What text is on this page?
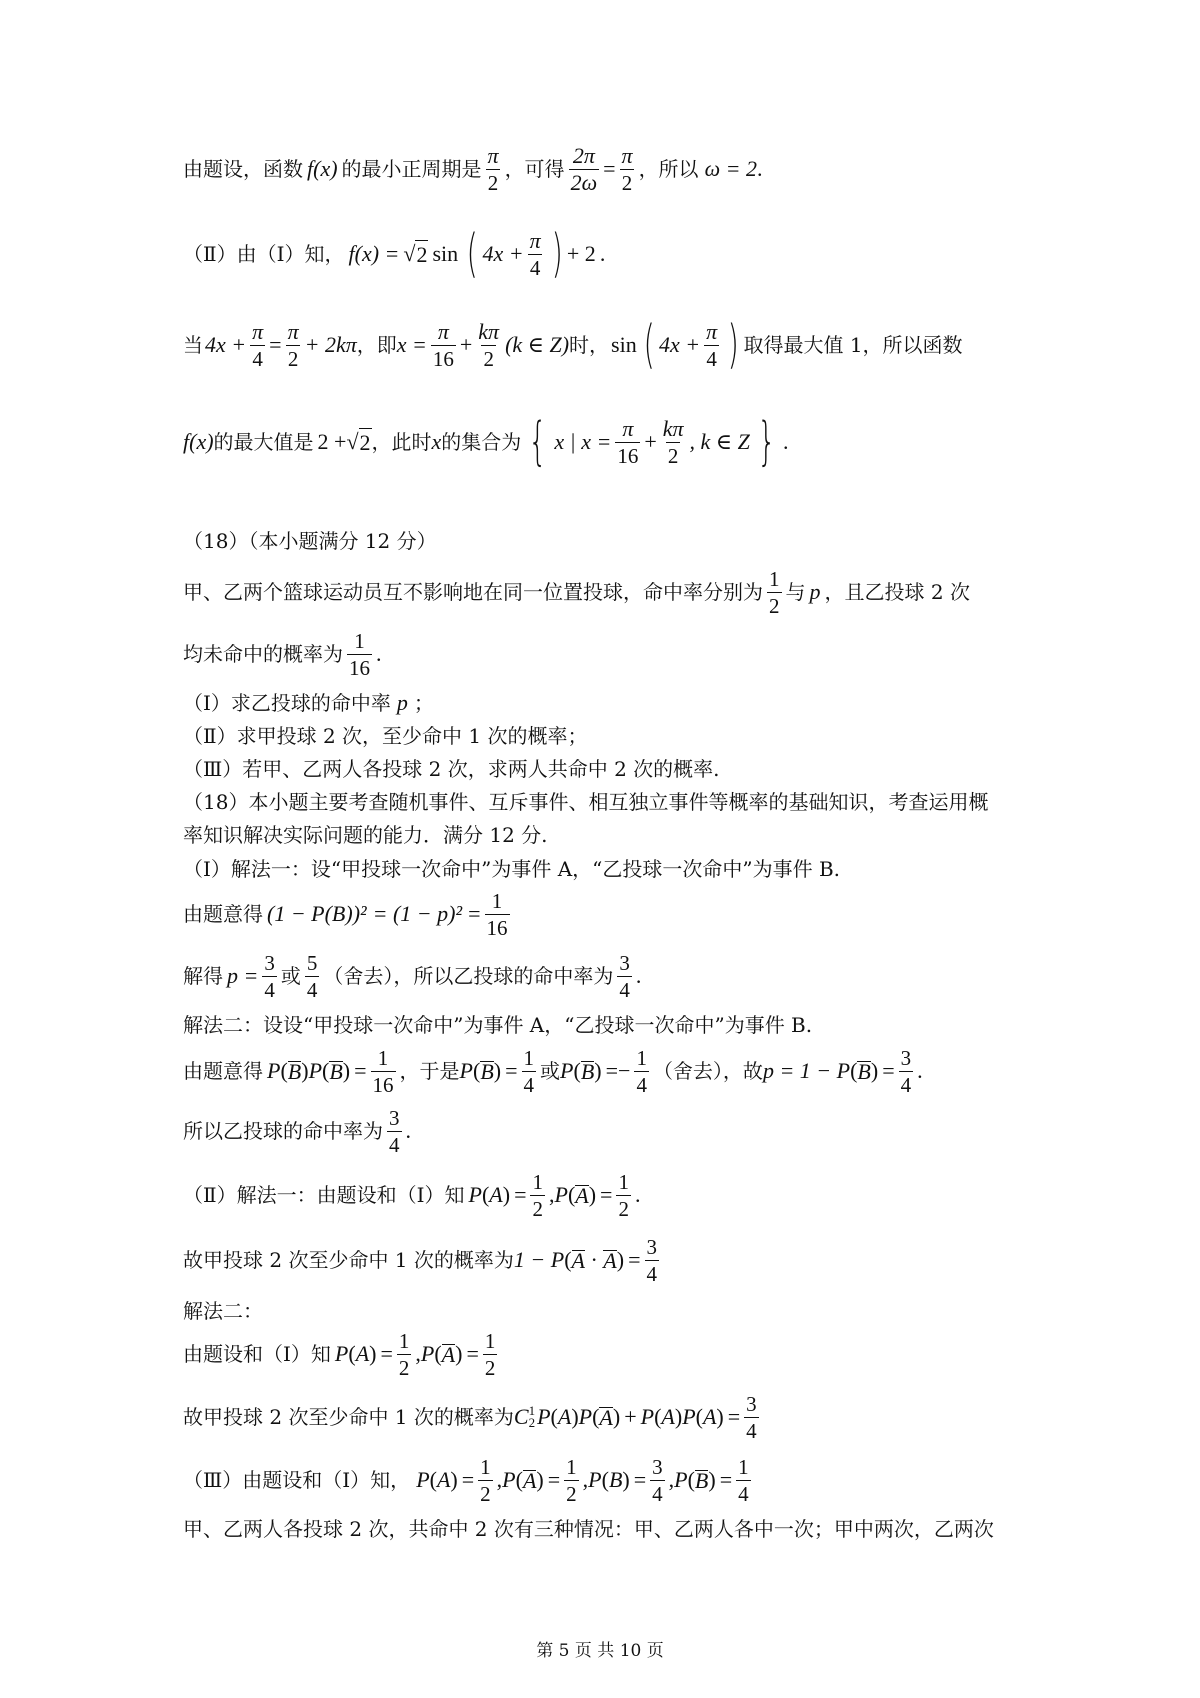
由题设，函数 f(x) 的最小正周期是 $\frac{\pi}{2}$ ，可得 $\frac{2\pi}{2\omega} = \frac{\pi}{2}$ ，所以 ω = 2 .
（Ⅱ）由（Ⅰ）知， f(x) = √ 2 sin ( $4x + \frac{\pi}{4}$ ) + 2 .
当 $4x + \frac{\pi}{4} = \frac{\pi}{2} + 2k\pi$ ，即 $x = \frac{\pi}{16} + \frac{k\pi}{2} (k$ ∈ Z) 时， sin ( $4x + \frac{\pi}{4}$ ) 取得最大值 1，所以函数
f(x) 的最大值是 2 + √ 2 ，此时 x 的集合为 { x | $x = \frac{\pi}{16} + \frac{k\pi}{2}$ , k ∈ Z } .
（18）（本小题满分 12 分）
甲、乙两个篮球运动员互不影响地在同一位置投球，命中率分别为 $\frac{1}{2}$ 与 p ，且乙投球 2 次
均未命中的概率为 $\frac{1}{16}$ .
（Ⅰ）求乙投球的命中率 p ；
（Ⅱ）求甲投球 2 次，至少命中 1 次的概率；
（Ⅲ）若甲、乙两人各投球 2 次，求两人共命中 2 次的概率.
（18）本小题主要考查随机事件、互斥事件、相互独立事件等概率的基础知识，考查运用概
率知识解决实际问题的能力．满分 12 分.
（Ⅰ）解法一：设“甲投球一次命中”为事件 A，“乙投球一次命中”为事件 B.
由题意得 $(1 - P(B))^2 = (1 - p)^2 = \frac{1}{16}$
解得 $p = \frac{3}{4}$ 或 $\frac{5}{4}$ （舍去），所以乙投球的命中率为 $\frac{3}{4}$ .
解法二：设设“甲投球一次命中”为事件 A，“乙投球一次命中”为事件 B.
由题意得 P ( B ) P ( B ) = $\frac{1}{16}$ ，于是 P ( B ) = $\frac{1}{4}$ 或 P ( B ) = − $\frac{1}{4}$ （舍去），故 p = 1 − P ( B ) = $\frac{3}{4}$ .
所以乙投球的命中率为 $\frac{3}{4}$ .
（Ⅱ）解法一：由题设和（Ⅰ）知 P ( A ) = $\frac{1}{2}$ , P ( A ) = $\frac{1}{2}$ .
故甲投球 2 次至少命中 1 次的概率为 1 − P ( A · A ) = $\frac{3}{4}$
解法二：
由题设和（Ⅰ）知 P ( A ) = $\frac{1}{2}$ , P ( A ) = $\frac{1}{2}$
故甲投球 2 次至少命中 1 次的概率为 C 1
2 P ( A ) P ( A ) + P ( A ) P ( A ) = $\frac{3}{4}$
（Ⅲ）由题设和（Ⅰ）知， P ( A ) = $\frac{1}{2}$ , P ( A ) = $\frac{1}{2}$ , P ( B ) = $\frac{3}{4}$ , P ( B ) = $\frac{1}{4}$
甲、乙两人各投球 2 次，共命中 2 次有三种情况：甲、乙两人各中一次；甲中两次，乙两次
第 5 页 共 10 页
